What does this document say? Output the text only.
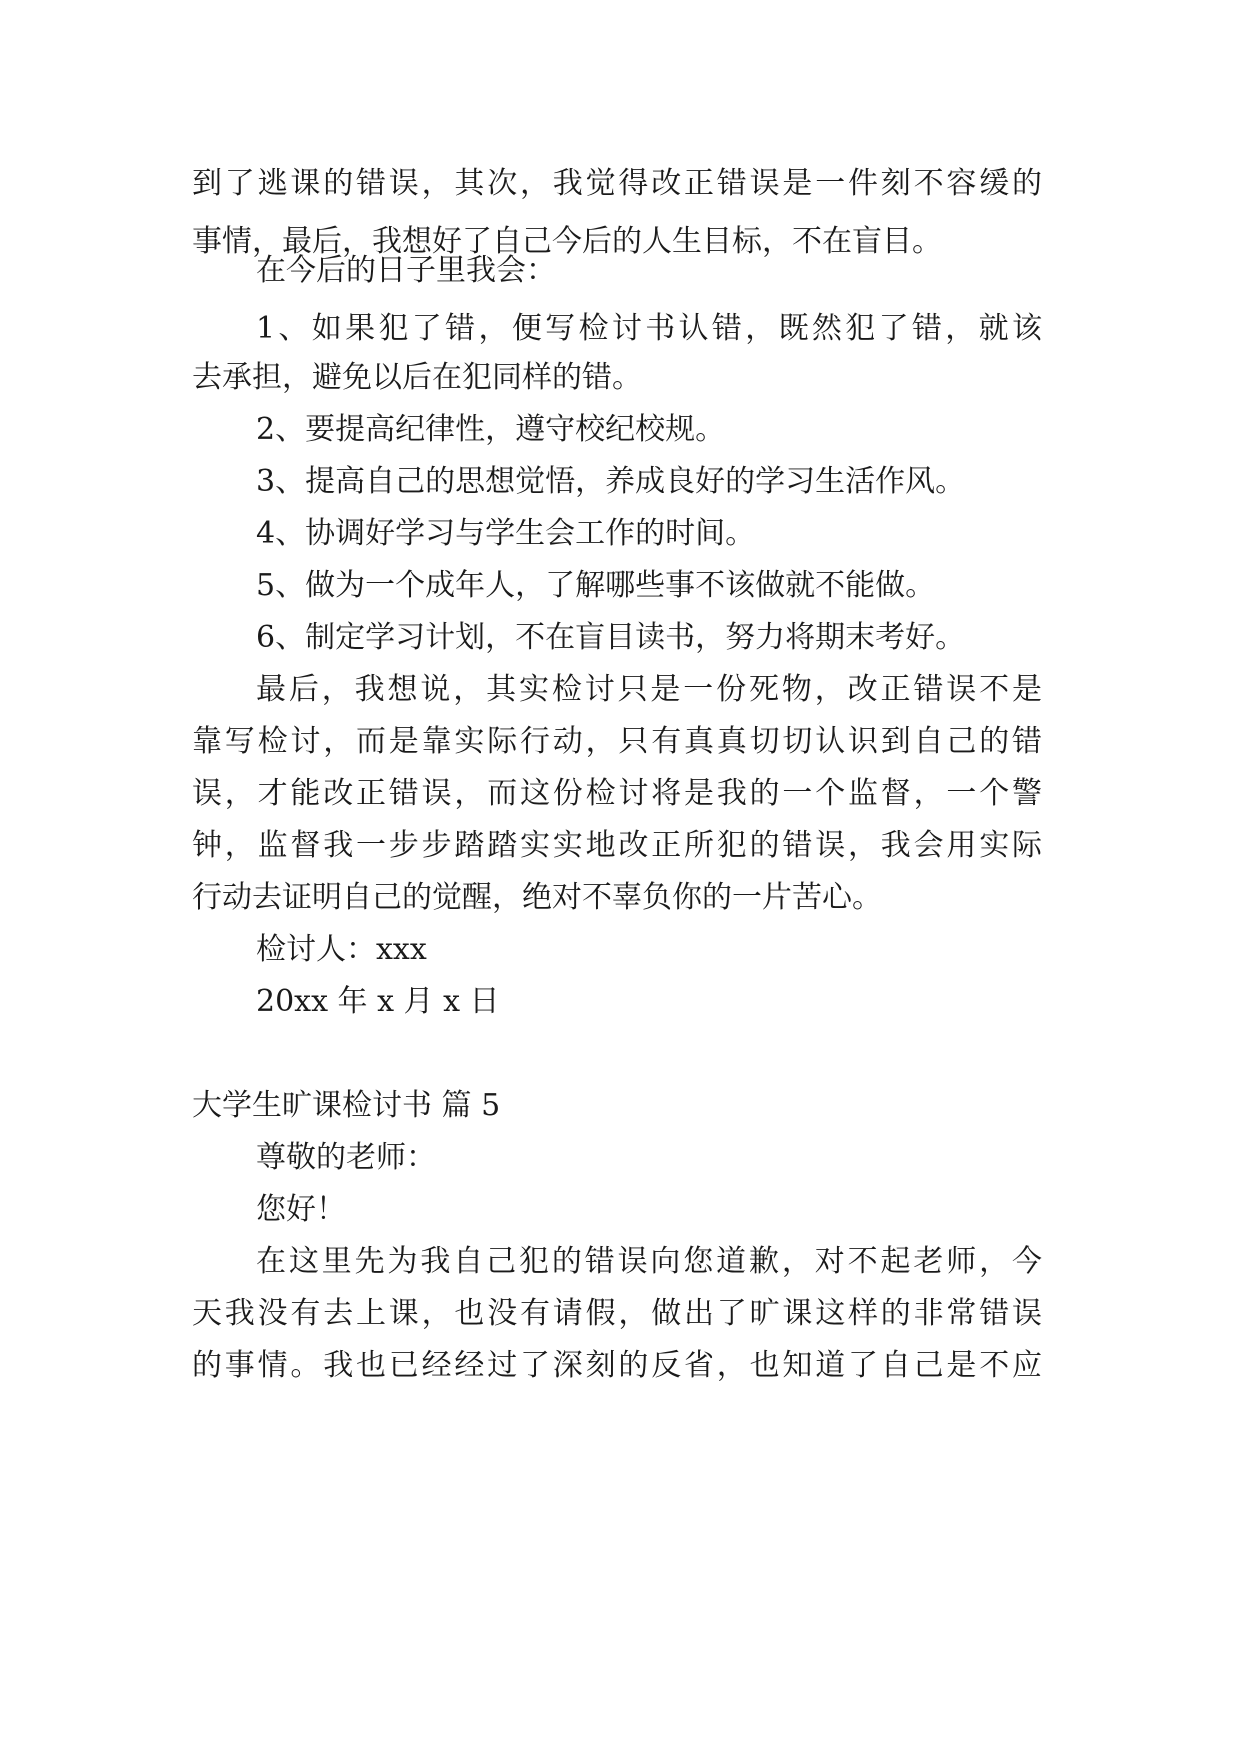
到了逃课的错误，其次，我觉得改正错误是一件刻不容缓的

事情，最后，我想好了自己今后的人生目标，不在盲目。

在今后的日子里我会：

1、如果犯了错，便写检讨书认错，既然犯了错，就该

去承担，避免以后在犯同样的错。

2、要提高纪律性，遵守校纪校规。

3、提高自己的思想觉悟，养成良好的学习生活作风。

4、协调好学习与学生会工作的时间。

5、做为一个成年人，了解哪些事不该做就不能做。

6、制定学习计划，不在盲目读书，努力将期末考好。

最后，我想说，其实检讨只是一份死物，改正错误不是

靠写检讨，而是靠实际行动，只有真真切切认识到自己的错

误，才能改正错误，而这份检讨将是我的一个监督，一个警

钟，监督我一步步踏踏实实地改正所犯的错误，我会用实际

行动去证明自己的觉醒，绝对不辜负你的一片苦心。

检讨人：xxx

20xx 年 x 月 x 日

大学生旷课检讨书 篇 5

尊敬的老师：

您好！

在这里先为我自己犯的错误向您道歉，对不起老师，今

天我没有去上课，也没有请假，做出了旷课这样的非常错误

的事情。我也已经经过了深刻的反省，也知道了自己是不应
